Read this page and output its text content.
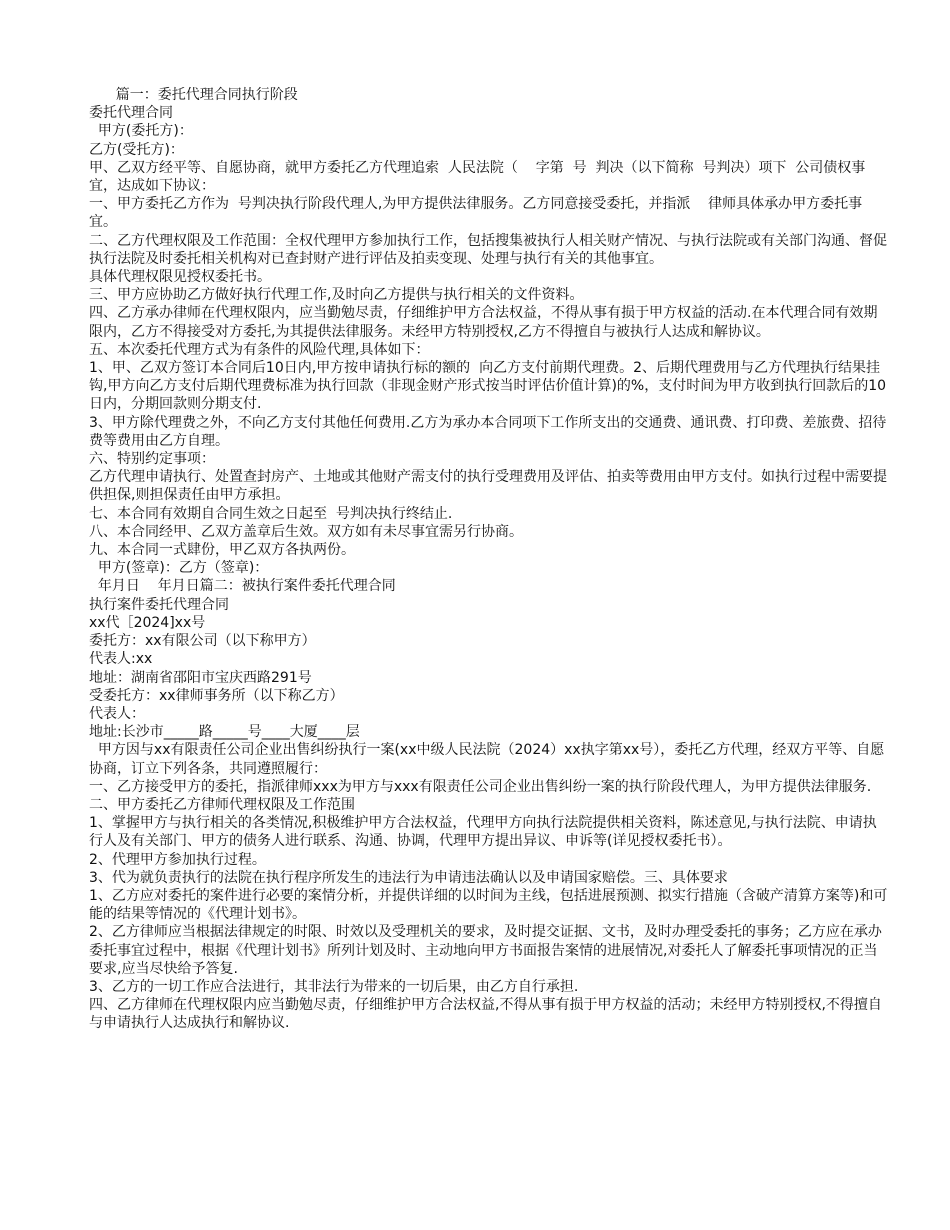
篇一：委托代理合同执行阶段

委托代理合同

甲方(委托方)：

乙方(受托方)：

甲、乙双方经平等、自愿协商，就甲方委托乙方代理追索  人民法院（    字第  号  判决（以下简称  号判决）项下  公司债权事宜，达成如下协议：

一、甲方委托乙方作为  号判决执行阶段代理人,为甲方提供法律服务。乙方同意接受委托，并指派    律师具体承办甲方委托事宜。

二、乙方代理权限及工作范围：全权代理甲方参加执行工作，包括搜集被执行人相关财产情况、与执行法院或有关部门沟通、督促执行法院及时委托相关机构对已查封财产进行评估及拍卖变现、处理与执行有关的其他事宜。

具体代理权限见授权委托书。

三、甲方应协助乙方做好执行代理工作,及时向乙方提供与执行相关的文件资料。

四、乙方承办律师在代理权限内，应当勤勉尽责，仔细维护甲方合法权益，不得从事有损于甲方权益的活动.在本代理合同有效期限内，乙方不得接受对方委托,为其提供法律服务。未经甲方特别授权,乙方不得擅自与被执行人达成和解协议。

五、本次委托代理方式为有条件的风险代理,具体如下：

1、甲、乙双方签订本合同后10日内,甲方按申请执行标的额的  向乙方支付前期代理费。2、后期代理费用与乙方代理执行结果挂钩,甲方向乙方支付后期代理费标准为执行回款（非现金财产形式按当时评估价值计算)的%，支付时间为甲方收到执行回款后的10日内，分期回款则分期支付.

3、甲方除代理费之外，不向乙方支付其他任何费用.乙方为承办本合同项下工作所支出的交通费、通讯费、打印费、差旅费、招待费等费用由乙方自理。

六、特别约定事项：

乙方代理申请执行、处置查封房产、土地或其他财产需支付的执行受理费用及评估、拍卖等费用由甲方支付。如执行过程中需要提供担保,则担保责任由甲方承担。

七、本合同有效期自合同生效之日起至  号判决执行终结止.

八、本合同经甲、乙双方盖章后生效。双方如有未尽事宜需另行协商。

九、本合同一式肆份，甲乙双方各执两份。

甲方(签章)：乙方（签章)：

年月日    年月日篇二：被执行案件委托代理合同

执行案件委托代理合同

xx代［2024]xx号

委托方：xx有限公司（以下称甲方）

代表人:xx

地址：湖南省邵阳市宝庆西路291号

受委托方：xx律师事务所（以下称乙方）

代表人：

地址:长沙市_____路_____号____大厦____层

甲方因与xx有限责任公司企业出售纠纷执行一案(xx中级人民法院（2024）xx执字第xx号），委托乙方代理，经双方平等、自愿协商，订立下列各条，共同遵照履行：

一、乙方接受甲方的委托，指派律师xxx为甲方与xxx有限责任公司企业出售纠纷一案的执行阶段代理人，为甲方提供法律服务.

二、甲方委托乙方律师代理权限及工作范围

1、掌握甲方与执行相关的各类情况,积极维护甲方合法权益，代理甲方向执行法院提供相关资料，陈述意见,与执行法院、申请执行人及有关部门、甲方的债务人进行联系、沟通、协调，代理甲方提出异议、申诉等(详见授权委托书）。

2、代理甲方参加执行过程。

3、代为就负责执行的法院在执行程序所发生的违法行为申请违法确认以及申请国家赔偿。三、具体要求

1、乙方应对委托的案件进行必要的案情分析，并提供详细的以时间为主线，包括进展预测、拟实行措施（含破产清算方案等)和可能的结果等情况的《代理计划书》。

2、乙方律师应当根据法律规定的时限、时效以及受理机关的要求，及时提交证据、文书，及时办理受委托的事务；乙方应在承办委托事宜过程中，根据《代理计划书》所列计划及时、主动地向甲方书面报告案情的进展情况,对委托人了解委托事项情况的正当要求,应当尽快给予答复.

3、乙方的一切工作应合法进行，其非法行为带来的一切后果，由乙方自行承担.

四、乙方律师在代理权限内应当勤勉尽责，仔细维护甲方合法权益,不得从事有损于甲方权益的活动；未经甲方特别授权,不得擅自与申请执行人达成执行和解协议.
